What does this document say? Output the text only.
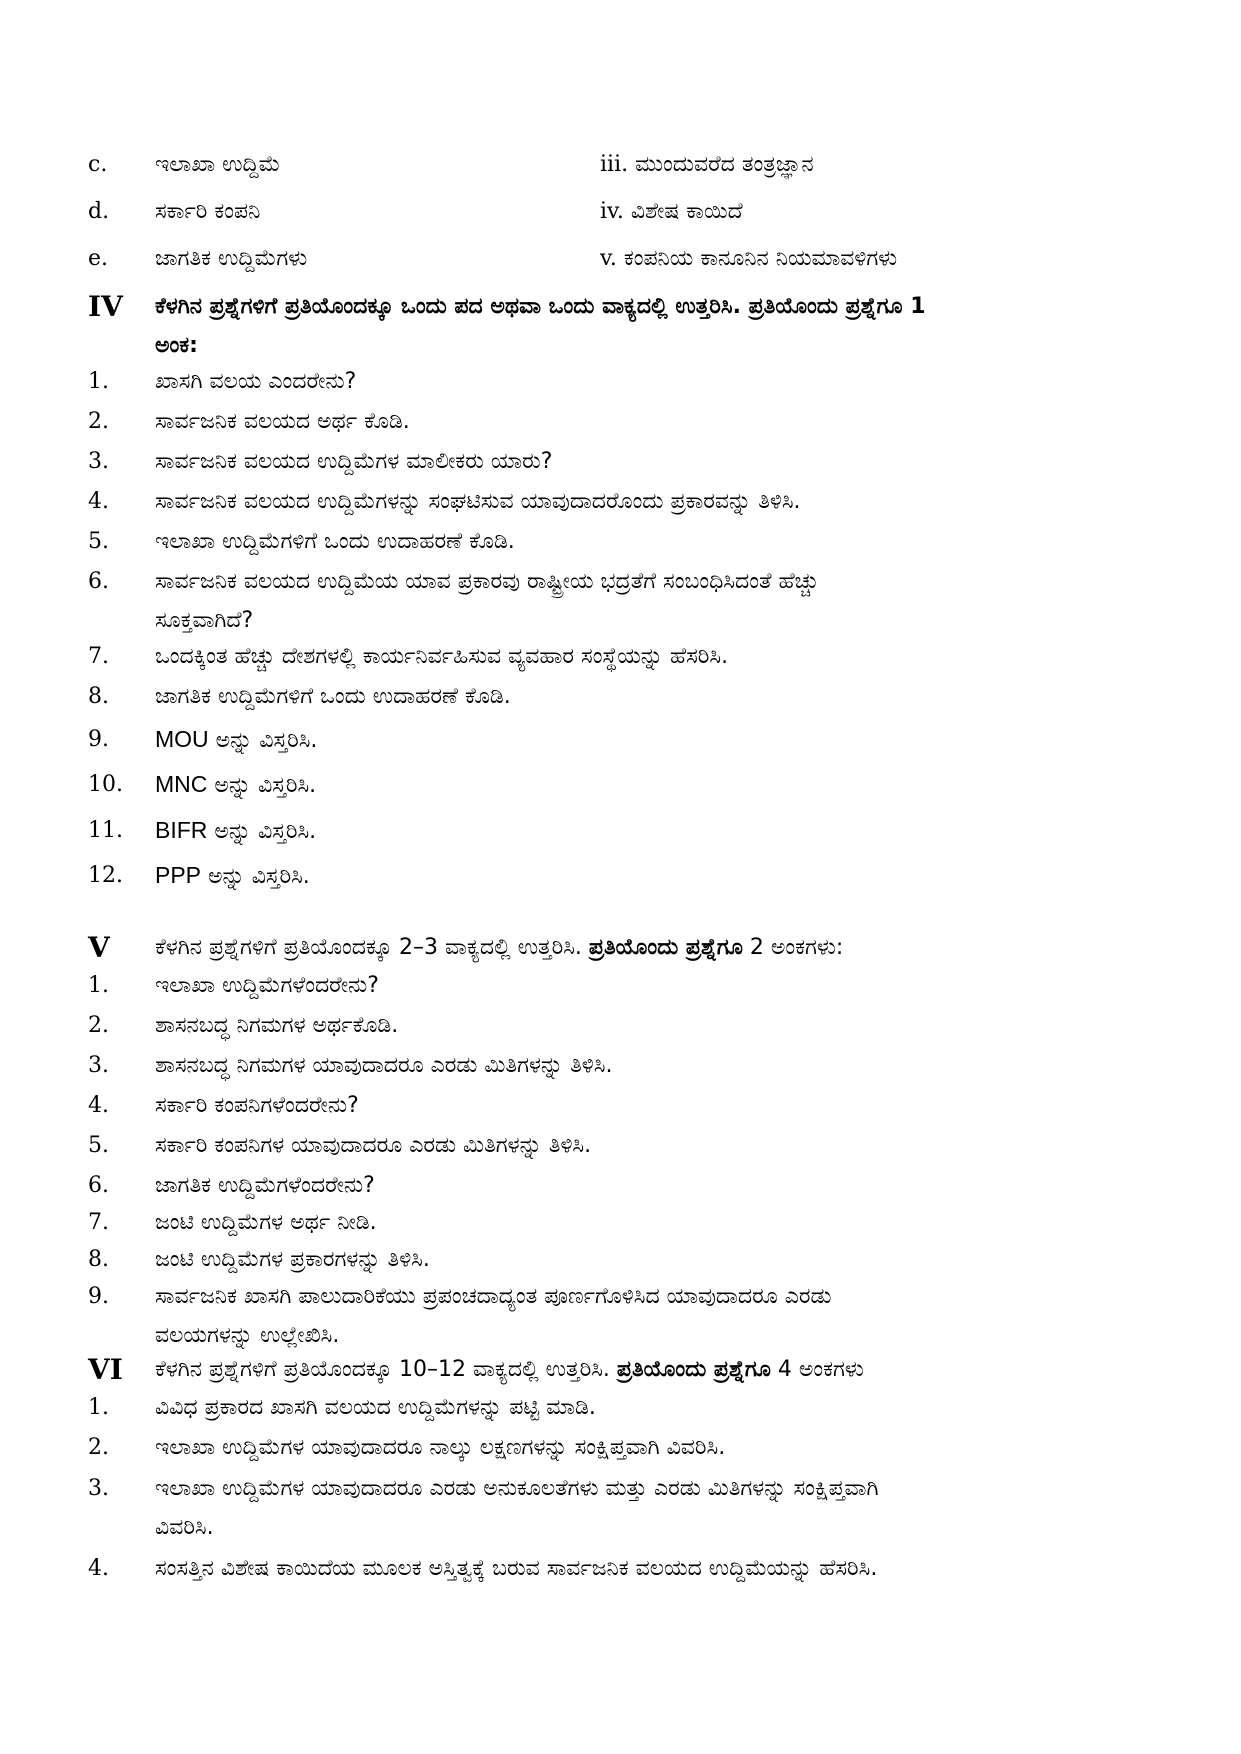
c. ಇಲಾಖಾ ಉದ್ದಿಮೆ	iii. ಮುಂದುವರೆದ ತಂತ್ರಜ್ಞಾನ
d. ಸರ್ಕಾರಿ ಕಂಪನಿ	iv. ವಿಶೇಷ ಕಾಯಿದೆ
e. ಜಾಗತಿಕ ಉದ್ದಿಮೆಗಳು	v. ಕಂಪನಿಯ ಕಾನೂನಿನ ನಿಯಮಾವಳಿಗಳು
IV ಕೆಳಗಿನ ಪ್ರಶ್ನೆಗಳಿಗೆ ಪ್ರತಿಯೊಂದಕ್ಕೂ ಒಂದು ಪದ ಅಥವಾ ಒಂದು ವಾಕ್ಯದಲ್ಲಿ ಉತ್ತರಿಸಿ. ಪ್ರತಿಯೊಂದು ಪ್ರಶ್ನೆಗೂ 1
ಅಂಕ:
1. ಖಾಸಗಿ ವಲಯ ಎಂದರೇನು?
2. ಸಾರ್ವಜನಿಕ ವಲಯದ ಅರ್ಥ ಕೊಡಿ.
3. ಸಾರ್ವಜನಿಕ ವಲಯದ ಉದ್ದಿಮೆಗಳ ಮಾಲೀಕರು ಯಾರು?
4. ಸಾರ್ವಜನಿಕ ವಲಯದ ಉದ್ದಿಮೆಗಳನ್ನು ಸಂಘಟಿಸುವ ಯಾವುದಾದರೊಂದು ಪ್ರಕಾರವನ್ನು ತಿಳಿಸಿ.
5. ಇಲಾಖಾ ಉದ್ದಿಮೆಗಳಿಗೆ ಒಂದು ಉದಾಹರಣೆ ಕೊಡಿ.
6. ಸಾರ್ವಜನಿಕ ವಲಯದ ಉದ್ದಿಮೆಯ ಯಾವ ಪ್ರಕಾರವು ರಾಷ್ಟ್ರೀಯ ಭದ್ರತೆಗೆ ಸಂಬಂಧಿಸಿದಂತೆ ಹೆಚ್ಚು
ಸೂಕ್ತವಾಗಿದೆ?
7. ಒಂದಕ್ಕಿಂತ ಹೆಚ್ಚು ದೇಶಗಳಲ್ಲಿ ಕಾರ್ಯನಿರ್ವಹಿಸುವ ವ್ಯವಹಾರ ಸಂಸ್ಥೆಯನ್ನು ಹೆಸರಿಸಿ.
8. ಜಾಗತಿಕ ಉದ್ದಿಮೆಗಳಿಗೆ ಒಂದು ಉದಾಹರಣೆ ಕೊಡಿ.
9. MOU ಅನ್ನು ವಿಸ್ತರಿಸಿ.
10. MNC ಅನ್ನು ವಿಸ್ತರಿಸಿ.
11. BIFR ಅನ್ನು ವಿಸ್ತರಿಸಿ.
12. PPP ಅನ್ನು ವಿಸ್ತರಿಸಿ.
V ಕೆಳಗಿನ ಪ್ರಶ್ನೆಗಳಿಗೆ ಪ್ರತಿಯೊಂದಕ್ಕೂ 2–3 ವಾಕ್ಯದಲ್ಲಿ ಉತ್ತರಿಸಿ. ಪ್ರತಿಯೊಂದು ಪ್ರಶ್ನೆಗೂ 2 ಅಂಕಗಳು:
1. ಇಲಾಖಾ ಉದ್ದಿಮೆಗಳೆಂದರೇನು?
2. ಶಾಸನಬದ್ಧ ನಿಗಮಗಳ ಅರ್ಥಕೊಡಿ.
3. ಶಾಸನಬದ್ಧ ನಿಗಮಗಳ ಯಾವುದಾದರೂ ಎರಡು ಮಿತಿಗಳನ್ನು ತಿಳಿಸಿ.
4. ಸರ್ಕಾರಿ ಕಂಪನಿಗಳೆಂದರೇನು?
5. ಸರ್ಕಾರಿ ಕಂಪನಿಗಳ ಯಾವುದಾದರೂ ಎರಡು ಮಿತಿಗಳನ್ನು ತಿಳಿಸಿ.
6. ಜಾಗತಿಕ ಉದ್ದಿಮೆಗಳೆಂದರೇನು?
7. ಜಂಟಿ ಉದ್ದಿಮೆಗಳ ಅರ್ಥ ನೀಡಿ.
8. ಜಂಟಿ ಉದ್ದಿಮೆಗಳ ಪ್ರಕಾರಗಳನ್ನು ತಿಳಿಸಿ.
9. ಸಾರ್ವಜನಿಕ ಖಾಸಗಿ ಪಾಲುದಾರಿಕೆಯು ಪ್ರಪಂಚದಾದ್ಯಂತ ಪೂರ್ಣಗೊಳಿಸಿದ ಯಾವುದಾದರೂ ಎರಡು
ವಲಯಗಳನ್ನು ಉಲ್ಲೇಖಿಸಿ.
VI ಕೆಳಗಿನ ಪ್ರಶ್ನೆಗಳಿಗೆ ಪ್ರತಿಯೊಂದಕ್ಕೂ 10–12 ವಾಕ್ಯದಲ್ಲಿ ಉತ್ತರಿಸಿ. ಪ್ರತಿಯೊಂದು ಪ್ರಶ್ನೆಗೂ 4 ಅಂಕಗಳು
1. ವಿವಿಧ ಪ್ರಕಾರದ ಖಾಸಗಿ ವಲಯದ ಉದ್ದಿಮೆಗಳನ್ನು ಪಟ್ಟಿ ಮಾಡಿ.
2. ಇಲಾಖಾ ಉದ್ದಿಮೆಗಳ ಯಾವುದಾದರೂ ನಾಲ್ಕು ಲಕ್ಷಣಗಳನ್ನು ಸಂಕ್ಷಿಪ್ತವಾಗಿ ವಿವರಿಸಿ.
3. ಇಲಾಖಾ ಉದ್ದಿಮೆಗಳ ಯಾವುದಾದರೂ ಎರಡು ಅನುಕೂಲತೆಗಳು ಮತ್ತು ಎರಡು ಮಿತಿಗಳನ್ನು ಸಂಕ್ಷಿಪ್ತವಾಗಿ
ವಿವರಿಸಿ.
4. ಸಂಸತ್ತಿನ ವಿಶೇಷ ಕಾಯಿದೆಯ ಮೂಲಕ ಅಸ್ತಿತ್ವಕ್ಕೆ ಬರುವ ಸಾರ್ವಜನಿಕ ವಲಯದ ಉದ್ದಿಮೆಯನ್ನು ಹೆಸರಿಸಿ.
